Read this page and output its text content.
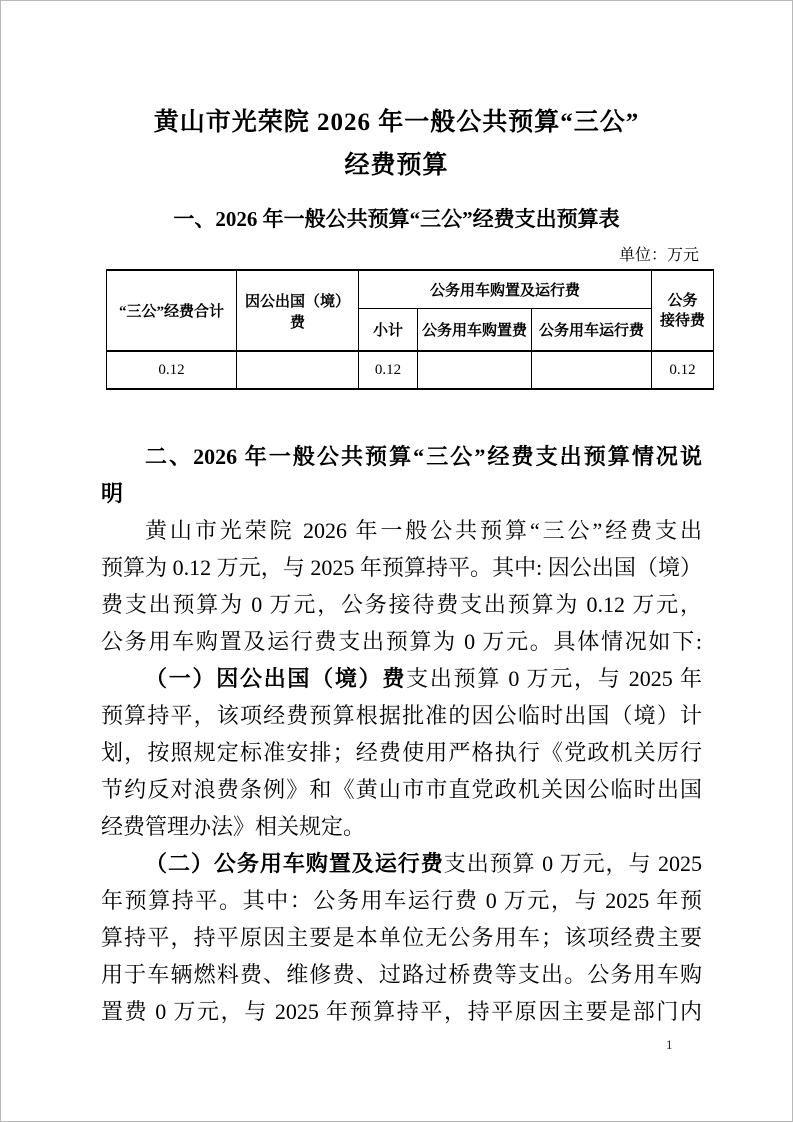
黄山市光荣院 2026 年一般公共预算“三公”
经费预算
一、2026 年一般公共预算“三公”经费支出预算表
单位：万元
“三公”经费合计	因公出国（境）费	公务用车购置及运行费			公务
接待费

		小计	公务用车购置费	公务用车运行费	
0.12		0.12			0.12
二、2026 年一般公共预算“三公”经费支出预算情况说
明
黄山市光荣院 2026 年一般公共预算“三公”经费支出
预算为 0.12 万元，与 2025 年预算持平。其中: 因公出国（境）
费支出预算为 0 万元，公务接待费支出预算为 0.12 万元，
公务用车购置及运行费支出预算为 0 万元。具体情况如下:
（一）因公出国（境）费支出预算 0 万元，与 2025 年
预算持平，该项经费预算根据批准的因公临时出国（境）计
划，按照规定标准安排；经费使用严格执行《党政机关厉行
节约反对浪费条例》和《黄山市市直党政机关因公临时出国
经费管理办法》相关规定。
（二）公务用车购置及运行费支出预算 0 万元，与 2025
年预算持平。其中：公务用车运行费 0 万元，与 2025 年预
算持平，持平原因主要是本单位无公务用车；该项经费主要
用于车辆燃料费、维修费、过路过桥费等支出。公务用车购
置费 0 万元，与 2025 年预算持平，持平原因主要是部门内
1
